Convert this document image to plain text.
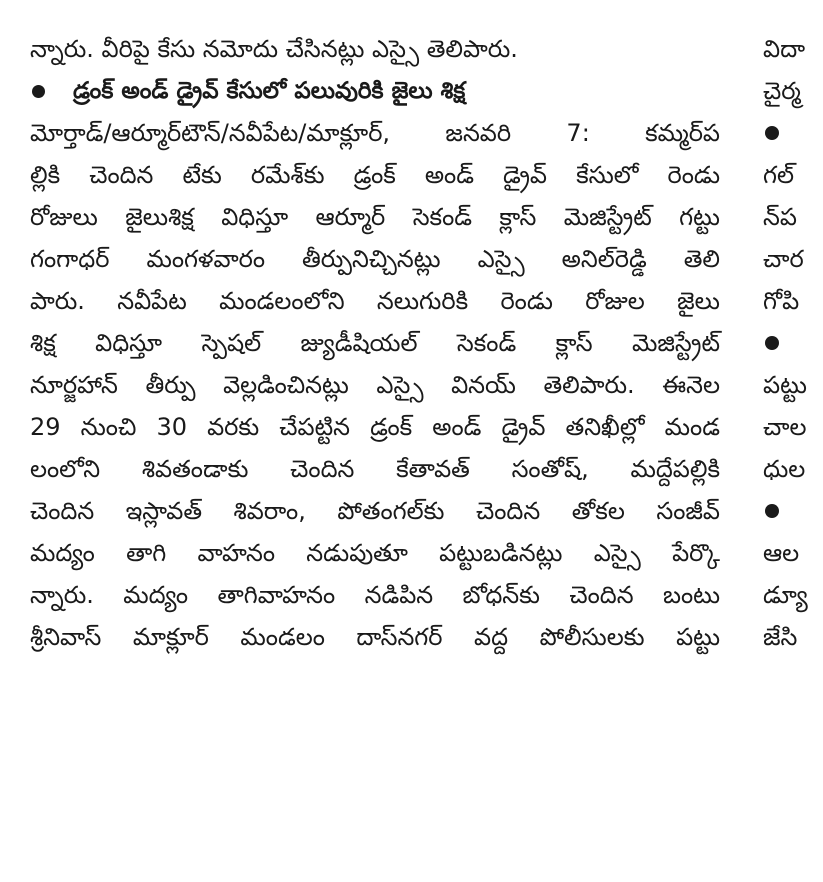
న్నారు. వీరిపై కేసు నమోదు చేసినట్లు ఎస్సై తెలిపారు.
డ్రంక్ అండ్ డ్రైవ్ కేసులో పలువురికి జైలు శిక్ష
మోర్తాడ్/ఆర్మూర్‌టౌన్/నవీపేట/మాక్లూర్, జనవరి 7: కమ్మర్‌ప
ల్లికి చెందిన టేకు రమేశ్‌కు డ్రంక్ అండ్ డ్రైవ్ కేసులో రెండు
రోజులు జైలుశిక్ష విధిస్తూ ఆర్మూర్ సెకండ్ క్లాస్ మెజిస్ట్రేట్ గట్టు
గంగాధర్ మంగళవారం తీర్పునిచ్చినట్లు ఎస్సై అనిల్‌రెడ్డి తెలి
పారు. నవీపేట మండలంలోని నలుగురికి రెండు రోజుల జైలు
శిక్ష విధిస్తూ స్పెషల్ జ్యుడీషియల్ సెకండ్ క్లాస్ మెజిస్ట్రేట్
నూర్జహాన్ తీర్పు వెల్లడించినట్లు ఎస్సై వినయ్ తెలిపారు. ఈనెల
29 నుంచి 30 వరకు చేపట్టిన డ్రంక్ అండ్ డ్రైవ్ తనిఖీల్లో మండ
లంలోని శివతండాకు చెందిన కేతావత్ సంతోష్, మద్దేపల్లికి
చెందిన ఇస్లావత్ శివరాం, పోతంగల్‌కు చెందిన తోకల సంజీవ్
మద్యం తాగి వాహనం నడుపుతూ పట్టుబడినట్లు ఎస్సై పేర్కొ
న్నారు. మద్యం తాగివాహనం నడిపిన బోధన్‌కు చెందిన బంటు
శ్రీనివాస్ మాక్లూర్ మండలం దాస్‌నగర్ వద్ద పోలీసులకు పట్టు
విదా
చైర్మ
గల్
న్‌ప
చార
గోపి
పట్టు
చాల
ధుల
ఆల
డ్యూ
జేసి
